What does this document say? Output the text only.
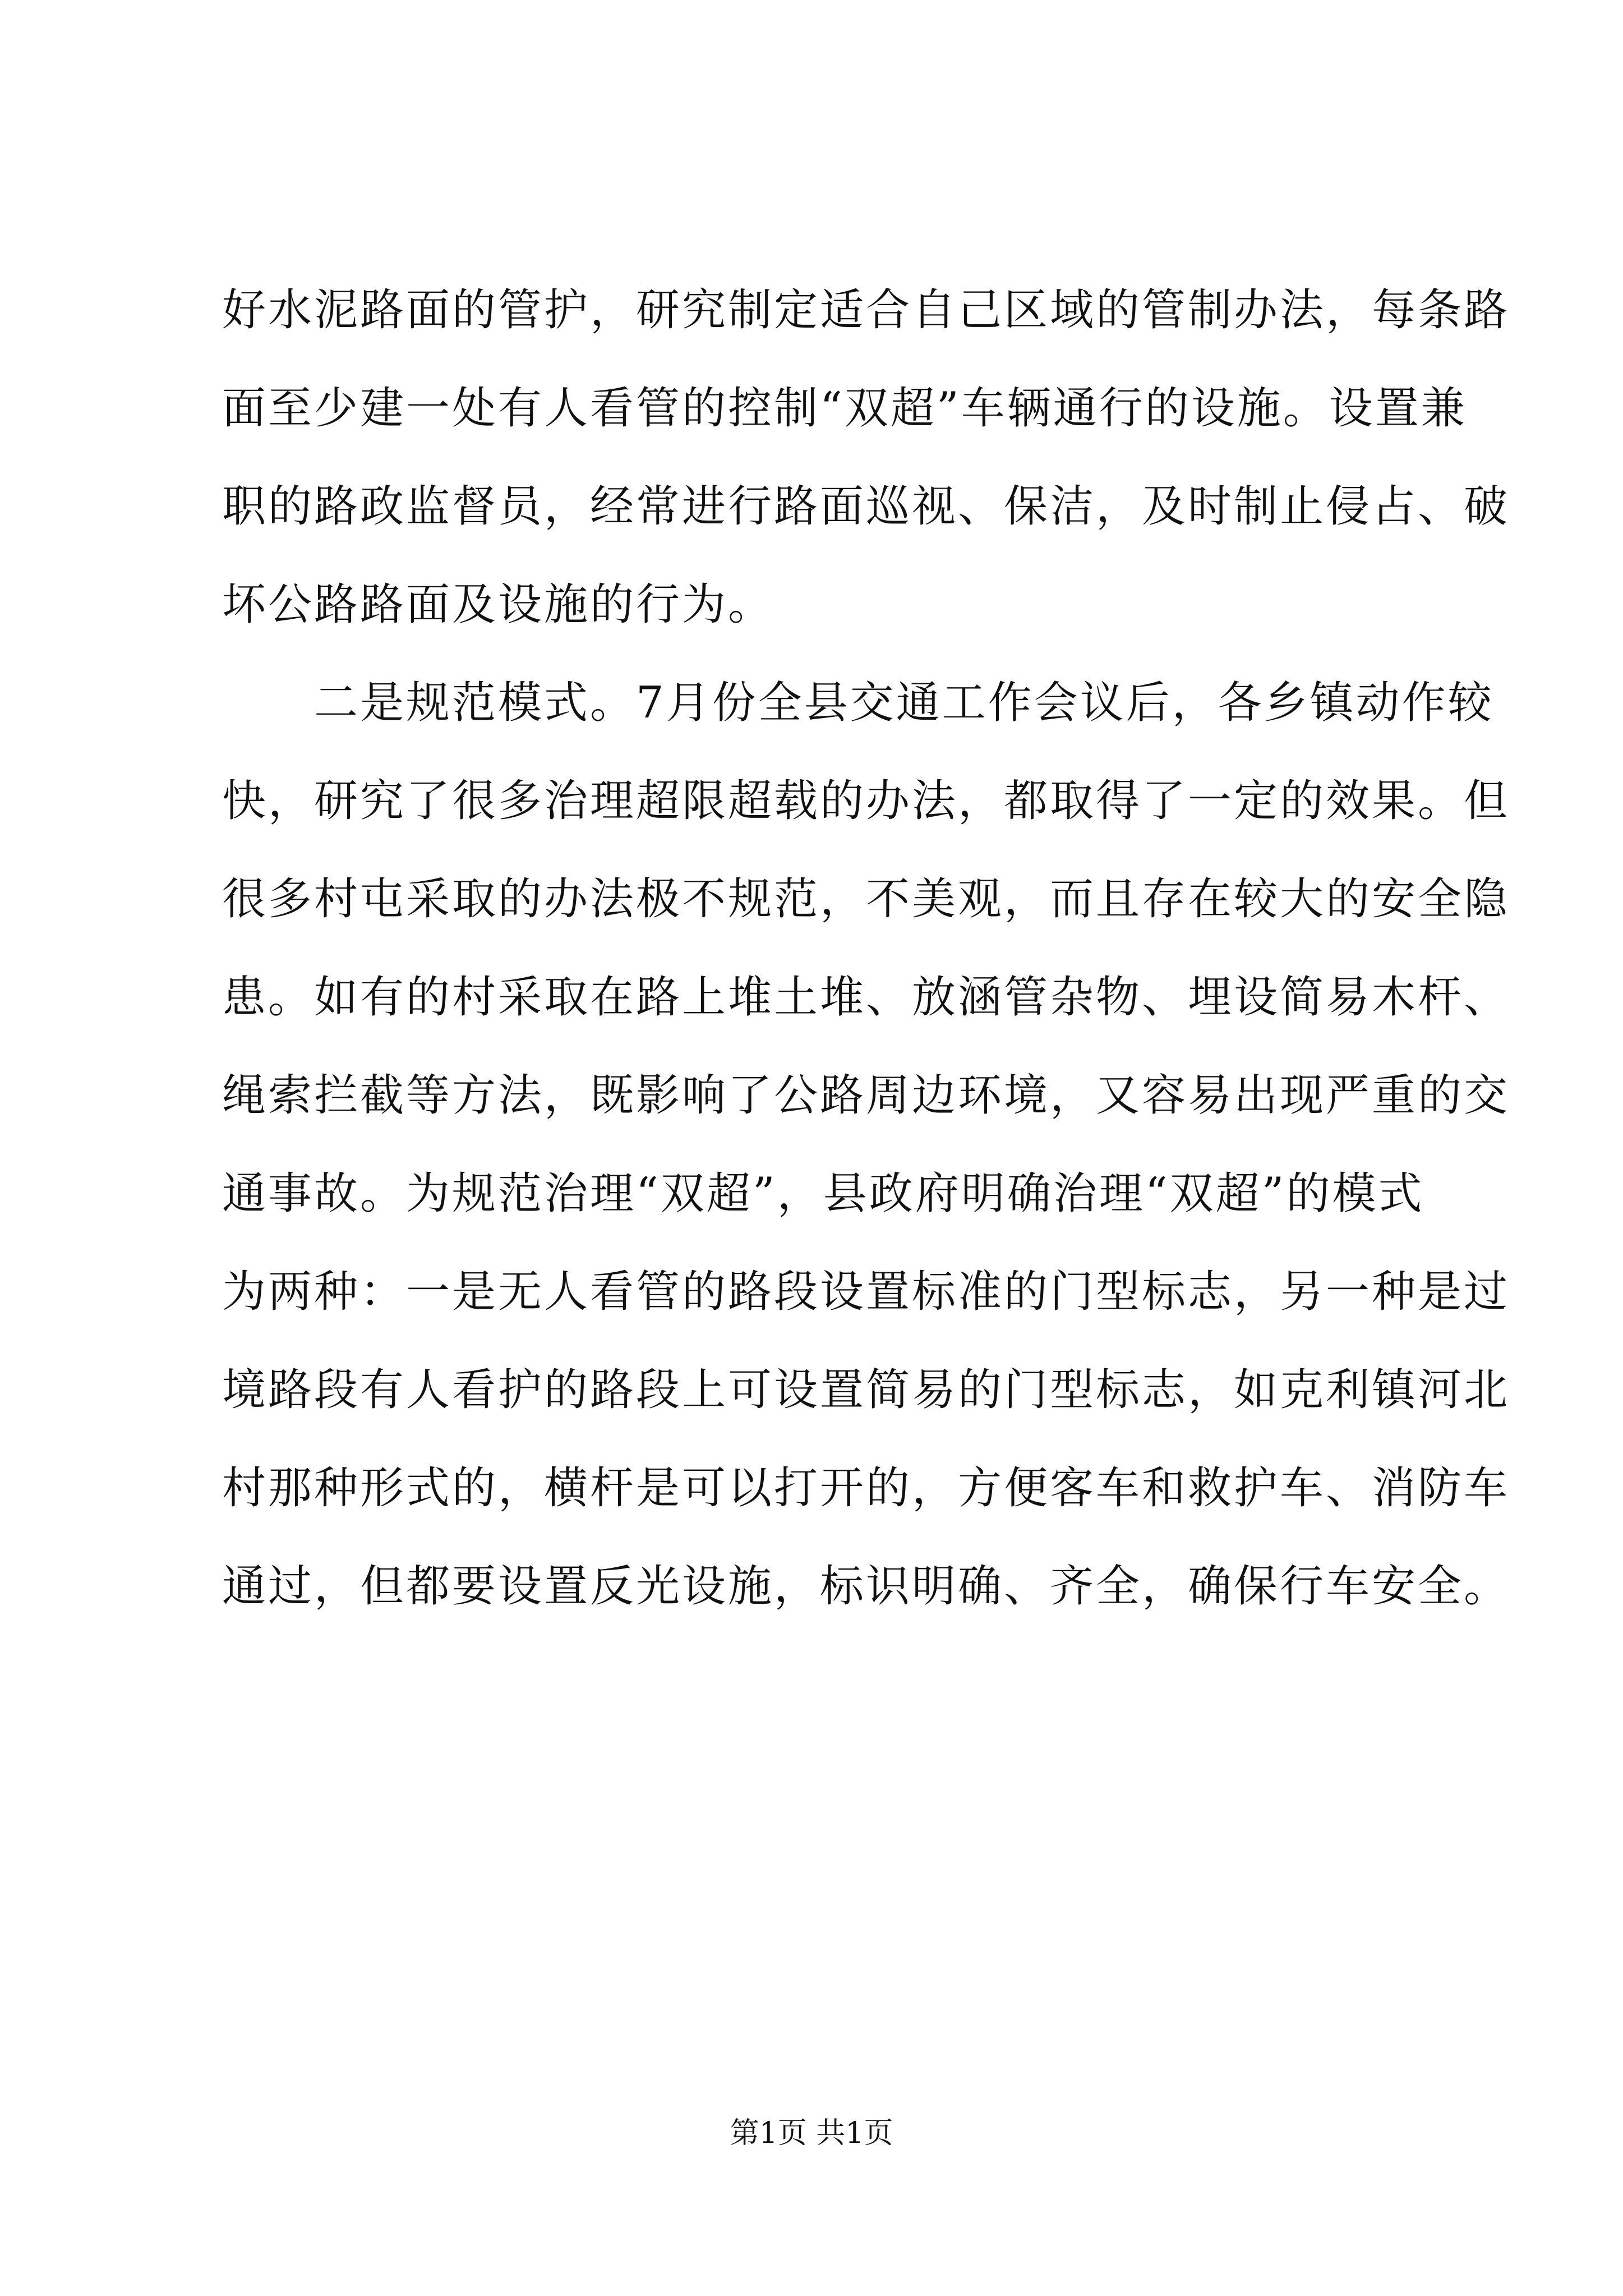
好水泥路面的管护，研究制定适合自己区域的管制办法，每条路
面至少建一处有人看管的控制“双超”车辆通行的设施。设置兼
职的路政监督员，经常进行路面巡视、保洁，及时制止侵占、破
坏公路路面及设施的行为。
二是规范模式。7月份全县交通工作会议后，各乡镇动作较
快，研究了很多治理超限超载的办法，都取得了一定的效果。但
很多村屯采取的办法极不规范，不美观，而且存在较大的安全隐
患。如有的村采取在路上堆土堆、放涵管杂物、埋设简易木杆、
绳索拦截等方法，既影响了公路周边环境，又容易出现严重的交
通事故。为规范治理“双超”，县政府明确治理“双超”的模式
为两种：一是无人看管的路段设置标准的门型标志，另一种是过
境路段有人看护的路段上可设置简易的门型标志，如克利镇河北
村那种形式的，横杆是可以打开的，方便客车和救护车、消防车
通过，但都要设置反光设施，标识明确、齐全，确保行车安全。
第1页 共1页
